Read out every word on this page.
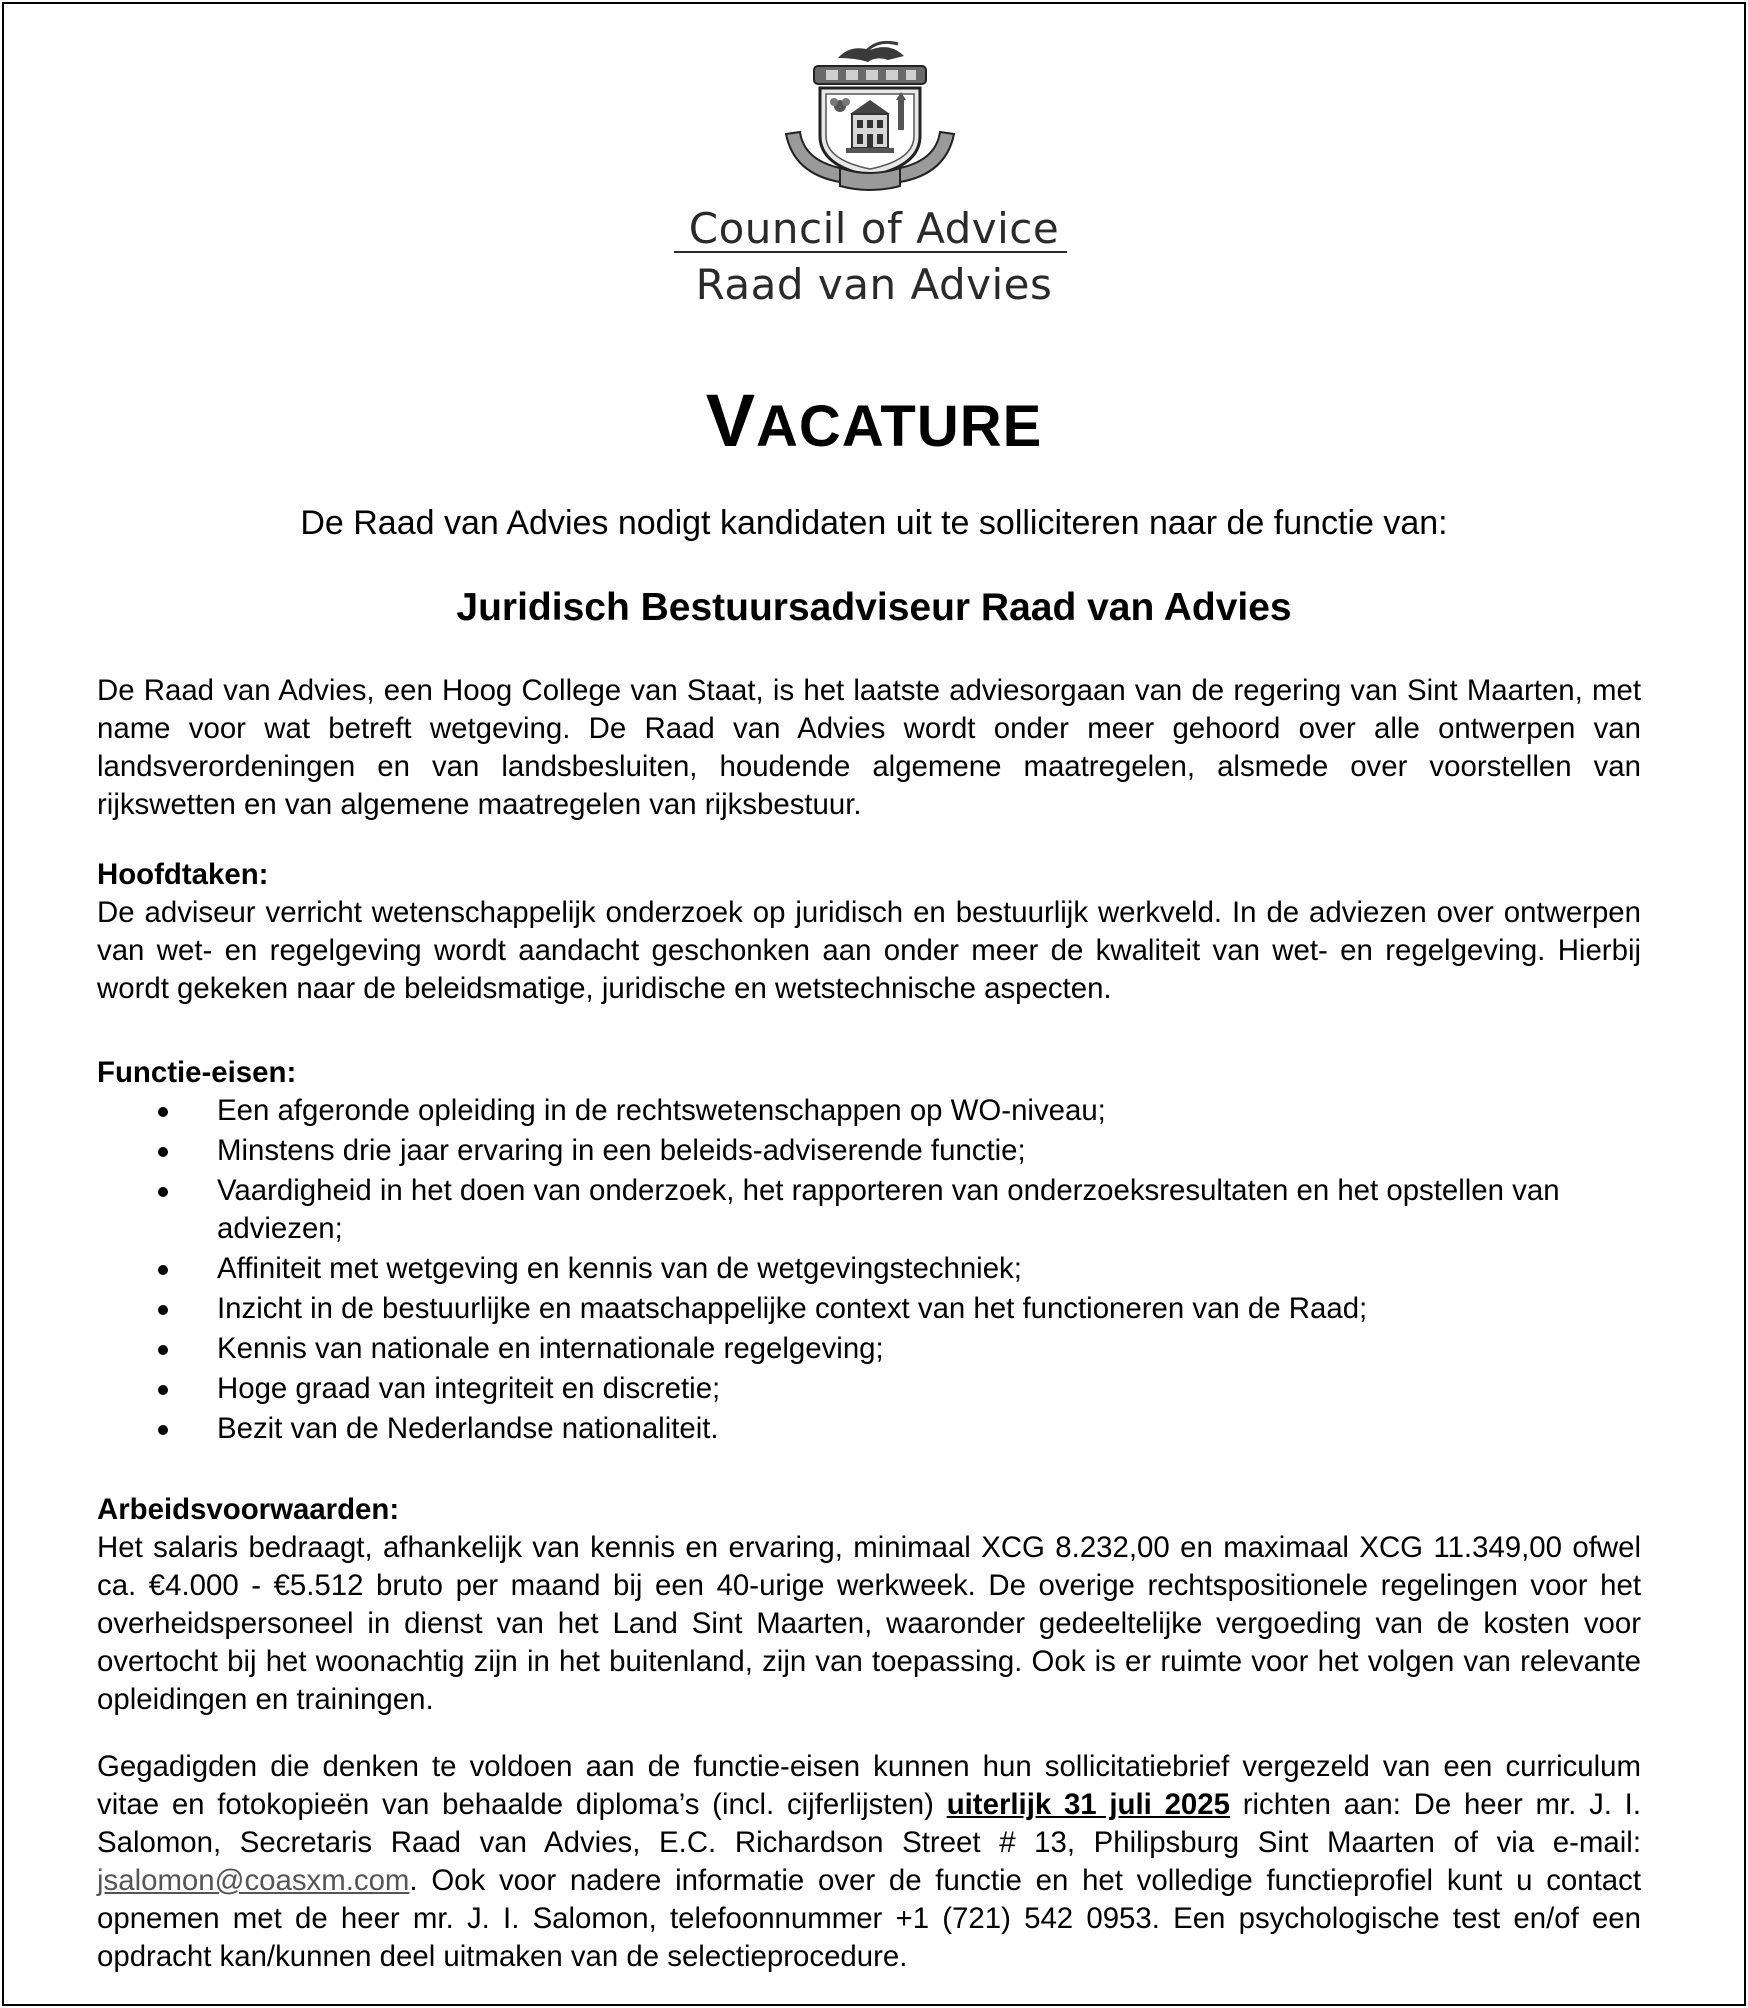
Council of Advice
Raad van Advies
VACATURE
De Raad van Advies nodigt kandidaten uit te solliciteren naar de functie van:
Juridisch Bestuursadviseur Raad van Advies

De Raad van Advies, een Hoog College van Staat, is het laatste adviesorgaan van de regering van Sint Maarten, met name voor wat betreft wetgeving. De Raad van Advies wordt onder meer gehoord over alle ontwerpen van landsverordeningen en van landsbesluiten, houdende algemene maatregelen, alsmede over voorstellen van rijkswetten en van algemene maatregelen van rijksbestuur.

Hoofdtaken:

De adviseur verricht wetenschappelijk onderzoek op juridisch en bestuurlijk werkveld. In de adviezen over ontwerpen van wet- en regelgeving wordt aandacht geschonken aan onder meer de kwaliteit van wet- en regelgeving. Hierbij wordt gekeken naar de beleidsmatige, juridische en wetstechnische aspecten.

Functie-eisen:

Een afgeronde opleiding in de rechtswetenschappen op WO-niveau;
Minstens drie jaar ervaring in een beleids-adviserende functie;
Vaardigheid in het doen van onderzoek, het rapporteren van onderzoeksresultaten en het opstellen van adviezen;
Affiniteit met wetgeving en kennis van de wetgevingstechniek;
Inzicht in de bestuurlijke en maatschappelijke context van het functioneren van de Raad;
Kennis van nationale en internationale regelgeving;
Hoge graad van integriteit en discretie;
Bezit van de Nederlandse nationaliteit.

Arbeidsvoorwaarden:

Het salaris bedraagt, afhankelijk van kennis en ervaring, minimaal XCG 8.232,00 en maximaal XCG 11.349,00 ofwel ca. €4.000 - €5.512 bruto per maand bij een 40-urige werkweek. De overige rechtspositionele regelingen voor het overheidspersoneel in dienst van het Land Sint Maarten, waaronder gedeeltelijke vergoeding van de kosten voor overtocht bij het woonachtig zijn in het buitenland, zijn van toepassing. Ook is er ruimte voor het volgen van relevante opleidingen en trainingen.

Gegadigden die denken te voldoen aan de functie-eisen kunnen hun sollicitatiebrief vergezeld van een curriculum vitae en fotokopieën van behaalde diploma’s (incl. cijferlijsten) uiterlijk 31 juli 2025 richten aan: De heer mr. J. I. Salomon, Secretaris Raad van Advies, E.C. Richardson Street # 13, Philipsburg Sint Maarten of via e-mail: jsalomon@coasxm.com. Ook voor nadere informatie over de functie en het volledige functieprofiel kunt u contact opnemen met de heer mr. J. I. Salomon, telefoonnummer +1 (721) 542 0953. Een psychologische test en/of een opdracht kan/kunnen deel uitmaken van de selectieprocedure.
